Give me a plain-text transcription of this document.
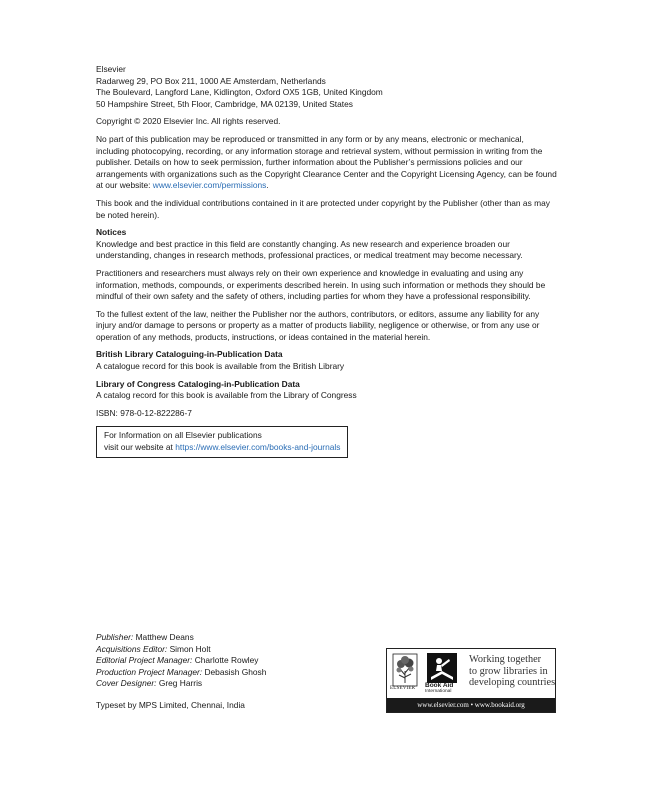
Elsevier
Radarweg 29, PO Box 211, 1000 AE Amsterdam, Netherlands
The Boulevard, Langford Lane, Kidlington, Oxford OX5 1GB, United Kingdom
50 Hampshire Street, 5th Floor, Cambridge, MA 02139, United States
Copyright © 2020 Elsevier Inc. All rights reserved.
No part of this publication may be reproduced or transmitted in any form or by any means, electronic or mechanical,
including photocopying, recording, or any information storage and retrieval system, without permission in writing from the
publisher. Details on how to seek permission, further information about the Publisher’s permissions policies and our
arrangements with organizations such as the Copyright Clearance Center and the Copyright Licensing Agency, can be found
at our website: www.elsevier.com/permissions.
This book and the individual contributions contained in it are protected under copyright by the Publisher (other than as may
be noted herein).
Notices
Knowledge and best practice in this field are constantly changing. As new research and experience broaden our
understanding, changes in research methods, professional practices, or medical treatment may become necessary.
Practitioners and researchers must always rely on their own experience and knowledge in evaluating and using any
information, methods, compounds, or experiments described herein. In using such information or methods they should be
mindful of their own safety and the safety of others, including parties for whom they have a professional responsibility.
To the fullest extent of the law, neither the Publisher nor the authors, contributors, or editors, assume any liability for any
injury and/or damage to persons or property as a matter of products liability, negligence or otherwise, or from any use or
operation of any methods, products, instructions, or ideas contained in the material herein.
British Library Cataloguing-in-Publication Data
A catalogue record for this book is available from the British Library
Library of Congress Cataloging-in-Publication Data
A catalog record for this book is available from the Library of Congress
ISBN: 978-0-12-822286-7
For Information on all Elsevier publications
visit our website at https://www.elsevier.com/books-and-journals
Publisher: Matthew Deans
Acquisitions Editor: Simon Holt
Editorial Project Manager: Charlotte Rowley
Production Project Manager: Debasish Ghosh
Cover Designer: Greg Harris
Typeset by MPS Limited, Chennai, India
ELSEVIER Book Aid
International
Working together
to grow libraries in
developing countries
www.elsevier.com • www.bookaid.org
